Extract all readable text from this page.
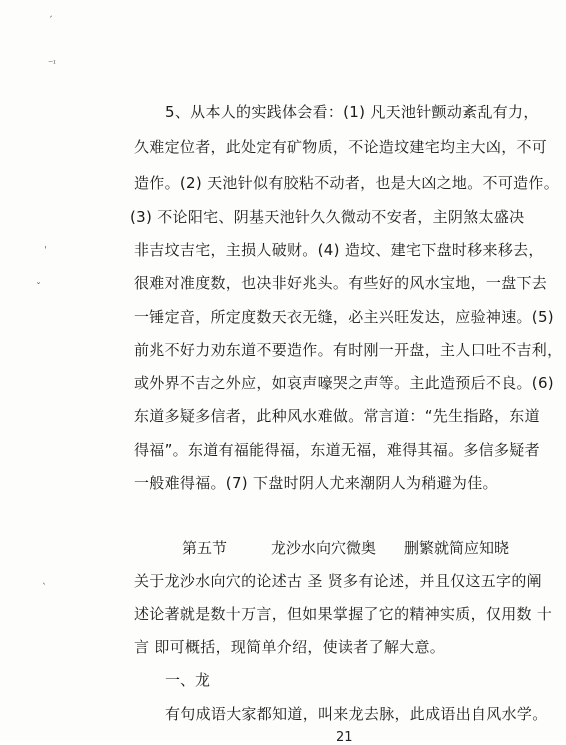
ˏ
⁻ᶦ
ˌ
ˇ
ˎ
5、从本人的实践体会看：(1) 凡天池针颤动紊乱有力，
久难定位者，此处定有矿物质，不论造坟建宅均主大凶，不可
造作。(2) 天池针似有胶粘不动者，也是大凶之地。不可造作。
(3) 不论阳宅、阴基天池针久久微动不安者，主阴煞太盛决
非吉坟吉宅，主损人破财。(4) 造坟、建宅下盘时移来移去，
很难对准度数，也决非好兆头。有些好的风水宝地，一盘下去
一锤定音，所定度数天衣无缝，必主兴旺发达，应验神速。(5)
前兆不好力劝东道不要造作。有时刚一开盘，主人口吐不吉利，
或外界不吉之外应，如哀声嚎哭之声等。主此造预后不良。(6)
东道多疑多信者，此种风水难做。常言道：“先生指路，东道
得福”。东道有福能得福，东道无福，难得其福。多信多疑者
一般难得福。(7) 下盘时阴人尤来潮阴人为稍避为佳。
第五节	龙沙水向穴微奥 删繁就简应知晓
关于龙沙水向穴的论述古 圣 贤多有论述，并且仅这五字的阐
述论著就是数十万言，但如果掌握了它的精神实质，仅用数 十
言 即可概括，现简单介绍，使读者了解大意。
一、龙
有句成语大家都知道，叫来龙去脉，此成语出自风水学。
21
